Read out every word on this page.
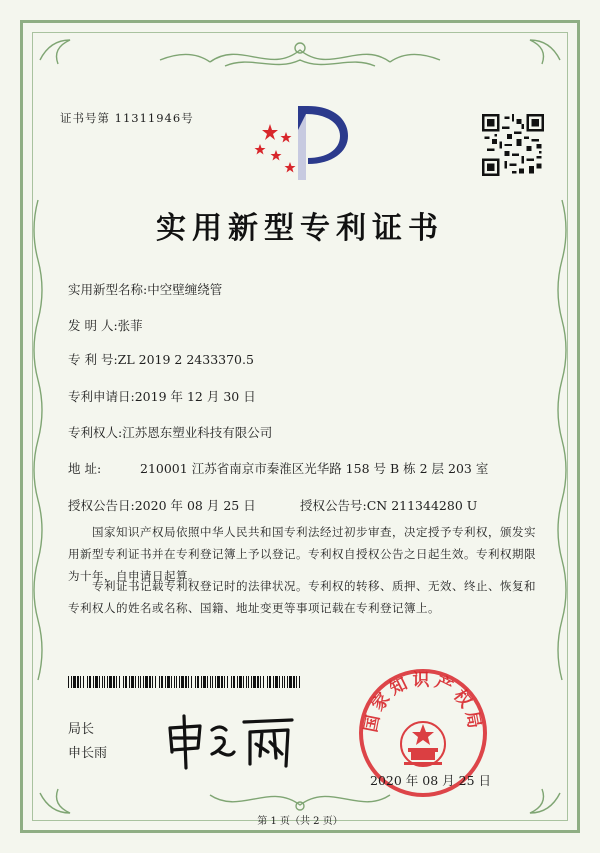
证书号第 11311946号
实用新型专利证书
实用新型名称:中空壁缠绕管
发 明 人:张菲
专 利 号:ZL 2019 2 2433370.5
专利申请日:2019 年 12 月 30 日
专利权人:江苏恩东塑业科技有限公司
地 址:	210001 江苏省南京市秦淮区光华路 158 号 B 栋 2 层 203 室
授权公告日:2020 年 08 月 25 日	授权公告号:CN 211344280 U
国家知识产权局依照中华人民共和国专利法经过初步审查，决定授予专利权，颁发实用新型专利证书并在专利登记簿上予以登记。专利权自授权公告之日起生效。专利权期限为十年，自申请日起算。
专利证书记载专利权登记时的法律状况。专利权的转移、质押、无效、终止、恢复和专利权人的姓名或名称、国籍、地址变更等事项记载在专利登记簿上。
局长
申长雨
国家知识产权局
2020 年 08 月 25 日
第 1 页（共 2 页）
